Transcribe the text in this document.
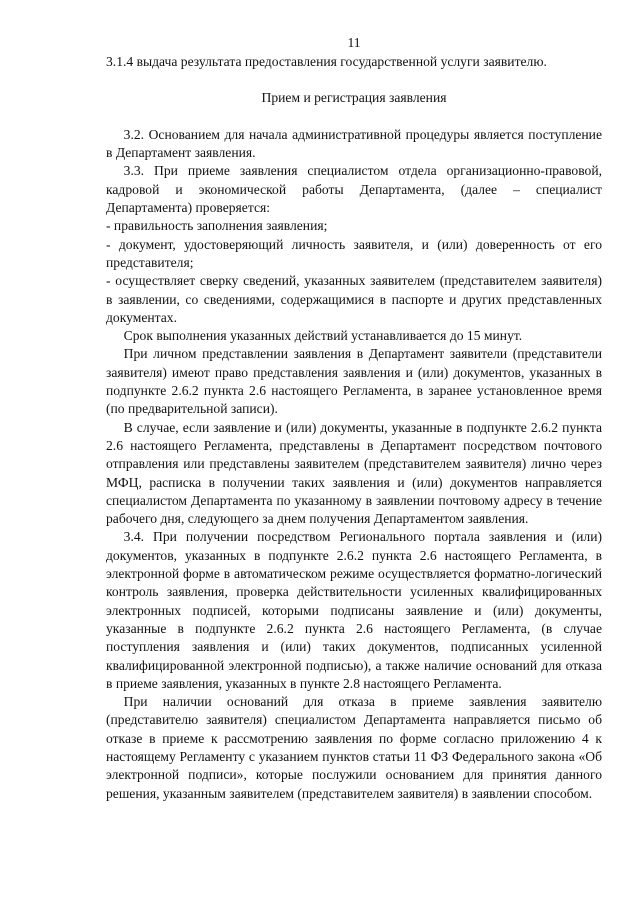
11

3.1.4 выдача результата предоставления государственной услуги заявителю.

Прием и регистрация заявления

3.2. Основанием для начала административной процедуры является поступление в Департамент заявления.

3.3. При приеме заявления специалистом отдела организационно-правовой, кадровой и экономической работы Департамента, (далее – специалист Департамента) проверяется:

- правильность заполнения заявления;

- документ, удостоверяющий личность заявителя, и (или) доверенность от его представителя;

- осуществляет сверку сведений, указанных заявителем (представителем заявителя) в заявлении, со сведениями, содержащимися в паспорте и других представленных документах.

Срок выполнения указанных действий устанавливается до 15 минут.

При личном представлении заявления в Департамент заявители (представители заявителя) имеют право представления заявления и (или) документов, указанных в подпункте 2.6.2 пункта 2.6 настоящего Регламента, в заранее установленное время (по предварительной записи).

В случае, если заявление и (или) документы, указанные в подпункте 2.6.2 пункта 2.6 настоящего Регламента, представлены в Департамент посредством почтового отправления или представлены заявителем (представителем заявителя) лично через МФЦ, расписка в получении таких заявления и (или) документов направляется специалистом Департамента по указанному в заявлении почтовому адресу в течение рабочего дня, следующего за днем получения Департаментом заявления.

3.4. При получении посредством Регионального портала заявления и (или) документов, указанных в подпункте 2.6.2 пункта 2.6 настоящего Регламента, в электронной форме в автоматическом режиме осуществляется форматно-логический контроль заявления, проверка действительности усиленных квалифицированных электронных подписей, которыми подписаны заявление и (или) документы, указанные в подпункте 2.6.2 пункта 2.6 настоящего Регламента, (в случае поступления заявления и (или) таких документов, подписанных усиленной квалифицированной электронной подписью), а также наличие оснований для отказа в приеме заявления, указанных в пункте 2.8 настоящего Регламента.

При наличии оснований для отказа в приеме заявления заявителю (представителю заявителя) специалистом Департамента направляется письмо об отказе в приеме к рассмотрению заявления по форме согласно приложению 4 к настоящему Регламенту с указанием пунктов статьи 11 ФЗ Федерального закона «Об электронной подписи», которые послужили основанием для принятия данного решения, указанным заявителем (представителем заявителя) в заявлении способом.
